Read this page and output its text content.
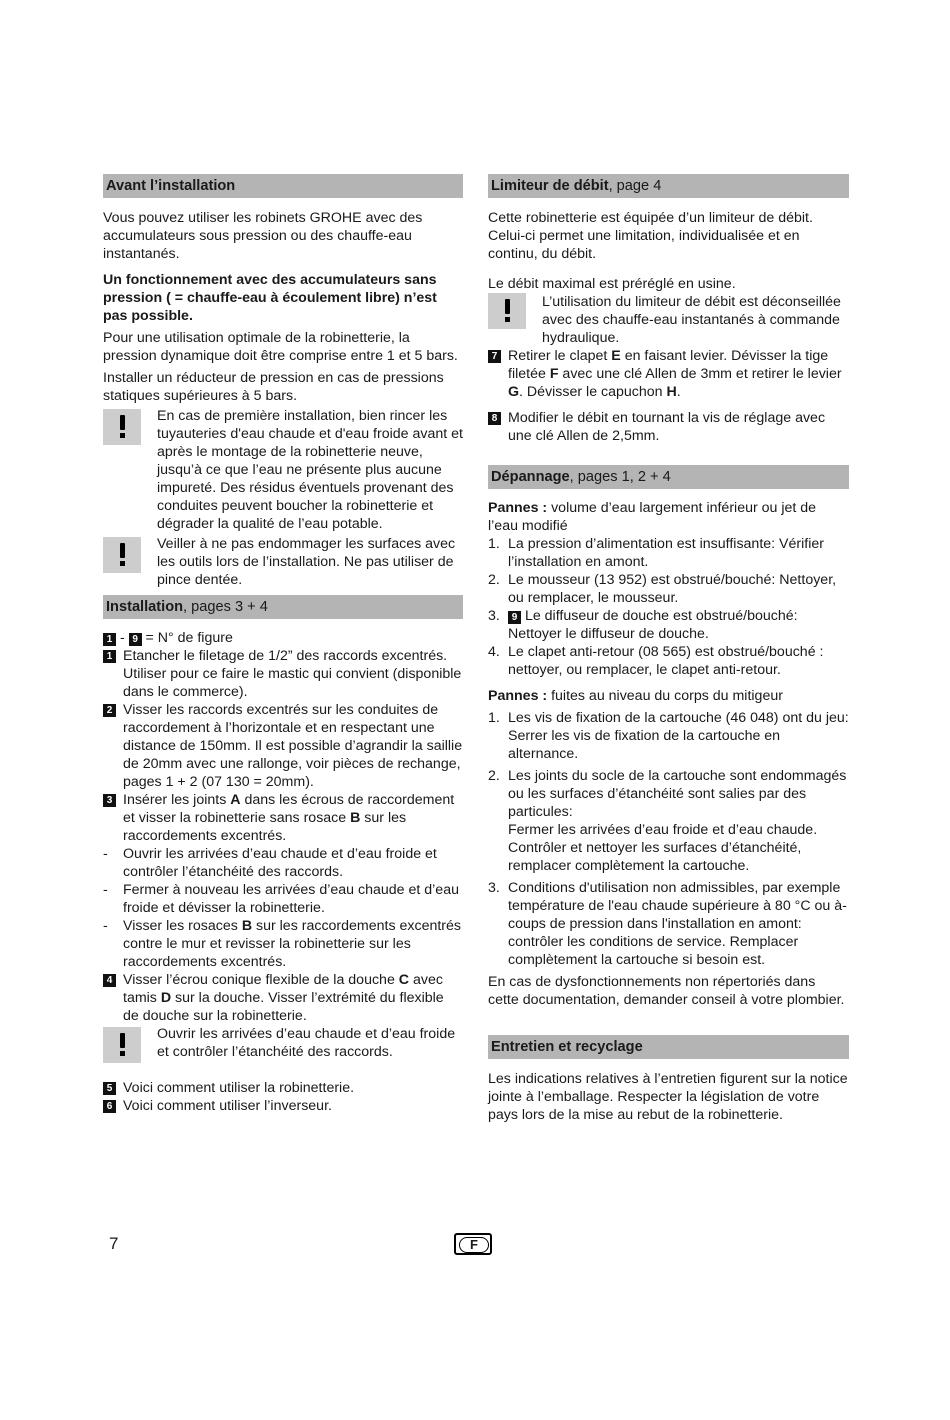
Avant l’installation

Vous pouvez utiliser les robinets GROHE avec des accumulateurs sous pression ou des chauffe-eau instantanés.

Un fonctionnement avec des accumulateurs sans pression ( = chauffe-eau à écoulement libre) n’est pas possible.

Pour une utilisation optimale de la robinetterie, la pression dynamique doit être comprise entre 1 et 5 bars.

Installer un réducteur de pression en cas de pressions statiques supérieures à 5 bars.

En cas de première installation, bien rincer les tuyauteries d'eau chaude et d'eau froide avant et après le montage de la robinetterie neuve, jusqu’à ce que l’eau ne présente plus aucune impureté. Des résidus éventuels provenant des conduites peuvent boucher la robinetterie et dégrader la qualité de l’eau potable.

Veiller à ne pas endommager les surfaces avec les outils lors de l’installation. Ne pas utiliser de pince dentée.

Installation, pages 3 + 4

1 - 9 = N° de figure

1 Etancher le filetage de 1/2” des raccords excentrés. Utiliser pour ce faire le mastic qui convient (disponible dans le commerce).

2 Visser les raccords excentrés sur les conduites de raccordement à l’horizontale et en respectant une distance de 150mm. Il est possible d’agrandir la saillie de 20mm avec une rallonge, voir pièces de rechange, pages 1 + 2 (07 130 = 20mm).

3 Insérer les joints A dans les écrous de raccordement et visser la robinetterie sans rosace B sur les raccordements excentrés.

- Ouvrir les arrivées d’eau chaude et d’eau froide et contrôler l’étanchéité des raccords.

- Fermer à nouveau les arrivées d’eau chaude et d’eau froide et dévisser la robinetterie.

- Visser les rosaces B sur les raccordements excentrés contre le mur et revisser la robinetterie sur les raccordements excentrés.

4 Visser l’écrou conique flexible de la douche C avec tamis D sur la douche. Visser l’extrémité du flexible de douche sur la robinetterie.

Ouvrir les arrivées d’eau chaude et d’eau froide et contrôler l’étanchéité des raccords.

5 Voici comment utiliser la robinetterie.

6 Voici comment utiliser l’inverseur.

Limiteur de débit, page 4

Cette robinetterie est équipée d’un limiteur de débit. Celui-ci permet une limitation, individualisée et en continu, du débit.

Le débit maximal est préréglé en usine.

L’utilisation du limiteur de débit est déconseillée avec des chauffe-eau instantanés à commande hydraulique.

7 Retirer le clapet E en faisant levier. Dévisser la tige filetée F avec une clé Allen de 3mm et retirer le levier G. Dévisser le capuchon H.

8 Modifier le débit en tournant la vis de réglage avec une clé Allen de 2,5mm.

Dépannage, pages 1, 2 + 4

Pannes : volume d’eau largement inférieur ou jet de l’eau modifié

1. La pression d’alimentation est insuffisante: Vérifier l’installation en amont.

2. Le mousseur (13 952) est obstrué/bouché: Nettoyer, ou remplacer, le mousseur.

3.	9 Le diffuseur de douche est obstrué/bouché: Nettoyer le diffuseur de douche.

4. Le clapet anti-retour (08 565) est obstrué/bouché : nettoyer, ou remplacer, le clapet anti-retour.

Pannes : fuites au niveau du corps du mitigeur

1. Les vis de fixation de la cartouche (46 048) ont du jeu: Serrer les vis de fixation de la cartouche en alternance.

2. Les joints du socle de la cartouche sont endommagés ou les surfaces d’étanchéité sont salies par des particules:

Fermer les arrivées d’eau froide et d’eau chaude. Contrôler et nettoyer les surfaces d’étanchéité, remplacer complètement la cartouche.

3. Conditions d'utilisation non admissibles, par exemple température de l'eau chaude supérieure à 80 °C ou à-coups de pression dans l'installation en amont: contrôler les conditions de service. Remplacer complètement la cartouche si besoin est.

En cas de dysfonctionnements non répertoriés dans cette documentation, demander conseil à votre plombier.

Entretien et recyclage

Les indications relatives à l’entretien figurent sur la notice jointe à l’emballage. Respecter la législation de votre pays lors de la mise au rebut de la robinetterie.

7	F
